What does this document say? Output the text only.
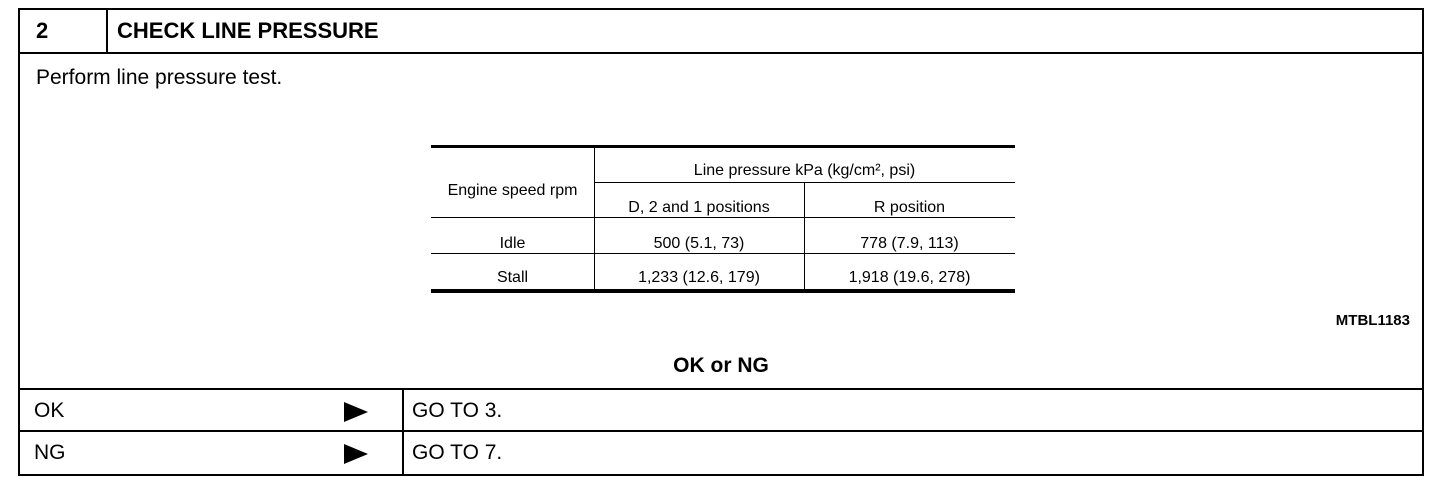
2	CHECK LINE PRESSURE
Perform line pressure test.
Engine speed rpm
Line pressure kPa (kg/cm², psi)
D, 2 and 1 positions	R position
Idle	500 (5.1, 73)	778 (7.9, 113)
Stall	1,233 (12.6, 179)	1,918 (19.6, 278)
MTBL1183
OK or NG
OK	GO TO 3.
NG	GO TO 7.
